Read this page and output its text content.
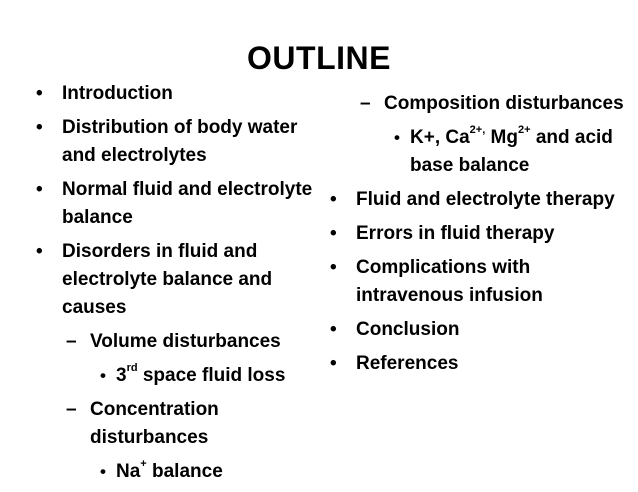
OUTLINE
• Introduction
• Distribution of body water and electrolytes
• Normal fluid and electrolyte balance
• Disorders in fluid and electrolyte balance and causes
– Volume disturbances
• 3rd space fluid loss
– Concentration disturbances
• Na+ balance
– Composition disturbances
• K+, $Ca^{2+,}$ $Mg^{2+}$ and acid base balance
• Fluid and electrolyte therapy
• Errors in fluid therapy
• Complications with intravenous infusion
• Conclusion
• References
